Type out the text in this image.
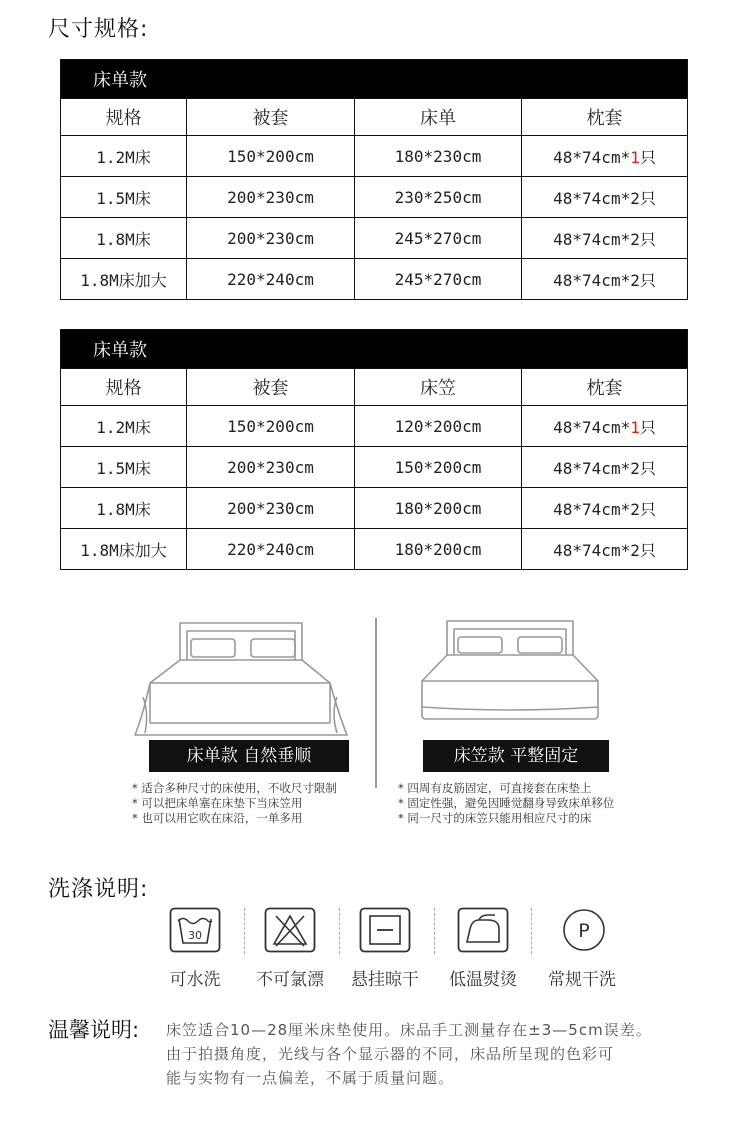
尺寸规格:
床单款			
规格	被套	床单	枕套
1.2M床	150*200cm	180*230cm	48*74cm*1只
1.5M床	200*230cm	230*250cm	48*74cm*2只
1.8M床	200*230cm	245*270cm	48*74cm*2只
1.8M床加大	220*240cm	245*270cm	48*74cm*2只
床单款			
规格	被套	床笠	枕套
1.2M床	150*200cm	120*200cm	48*74cm*1只
1.5M床	200*230cm	150*200cm	48*74cm*2只
1.8M床	200*230cm	180*200cm	48*74cm*2只
1.8M床加大	220*240cm	180*200cm	48*74cm*2只
床单款 自然垂顺	床笠款 平整固定
* 适合多种尺寸的床使用，不收尺寸限制
* 可以把床单塞在床垫下当床笠用
* 也可以用它吹在床沿，一单多用
* 四周有皮筋固定，可直接套在床垫上
* 固定性强，避免因睡觉翻身导致床单移位
* 同一尺寸的床笠只能用相应尺寸的床
洗涤说明:
30	P
可水洗	不可氯漂	悬挂晾干	低温熨烫	常规干洗
温馨说明: 床笠适合10—28厘米床垫使用。床品手工测量存在±3—5cm误差。
由于拍摄角度，光线与各个显示器的不同，床品所呈现的色彩可
能与实物有一点偏差，不属于质量问题。
